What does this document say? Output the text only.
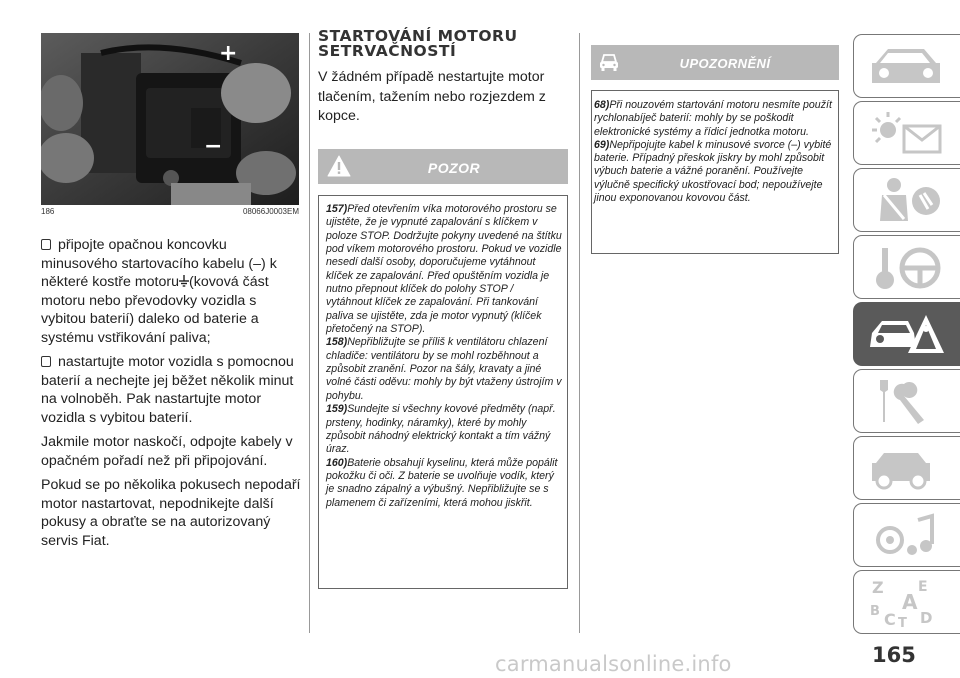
+
−
186	08066J0003EM

připojte opačnou koncovku minusového startovacího kabelu (–) k některé kostře motoru (kovová část motoru nebo převodovky vozidla s vybitou baterií) daleko od baterie a systému vstřikování paliva;

nastartujte motor vozidla s pomocnou baterií a nechejte jej běžet několik minut na volnoběh. Pak nastartujte motor vozidla s vybitou baterií.

Jakmile motor naskočí, odpojte kabely v opačném pořadí než při připojování.

Pokud se po několika pokusech nepodaří motor nastartovat, nepodnikejte další pokusy a obraťte se na autorizovaný servis Fiat.

STARTOVÁNÍ MOTORU
SETRVAČNOSTÍ
V žádném případě nestartujte motor tlačením, tažením nebo rozjezdem z kopce.
POZOR
157)Před otevřením víka motorového prostoru se ujistěte, že je vypnuté zapalování s klíčkem v poloze STOP. Dodržujte pokyny uvedené na štítku pod víkem motorového prostoru. Pokud ve vozidle nesedí další osoby, doporučujeme vytáhnout klíček ze zapalování. Před opuštěním vozidla je nutno přepnout klíček do polohy STOP / vytáhnout klíček ze zapalování. Při tankování paliva se ujistěte, zda je motor vypnutý (klíček přetočený na STOP).
158)Nepřibližujte se příliš k ventilátoru chlazení chladiče: ventilátoru by se mohl rozběhnout a způsobit zranění. Pozor na šály, kravaty a jiné volné části oděvu: mohly by být vtaženy ústrojím v pohybu.
159)Sundejte si všechny kovové předměty (např. prsteny, hodinky, náramky), které by mohly způsobit náhodný elektrický kontakt a tím vážný úraz.
160)Baterie obsahují kyselinu, která může popálit pokožku či oči. Z baterie se uvolňuje vodík, který je snadno zápalný a výbušný. Nepřibližujte se s plamenem či zařízeními, která mohou jiskřit.
UPOZORNĚNÍ
68)Při nouzovém startování motoru nesmíte použít rychlonabíječ baterií: mohly by se poškodit elektronické systémy a řídicí jednotka motoru.
69)Nepřipojujte kabel k minusové svorce (–) vybité baterie. Případný přeskok jiskry by mohl způsobit výbuch baterie a vážné poranění. Používejte výlučně specifický ukostřovací bod; nepoužívejte jinou exponovanou kovovou část.
Z E
B A
C T D
165
carmanualsonline.info
